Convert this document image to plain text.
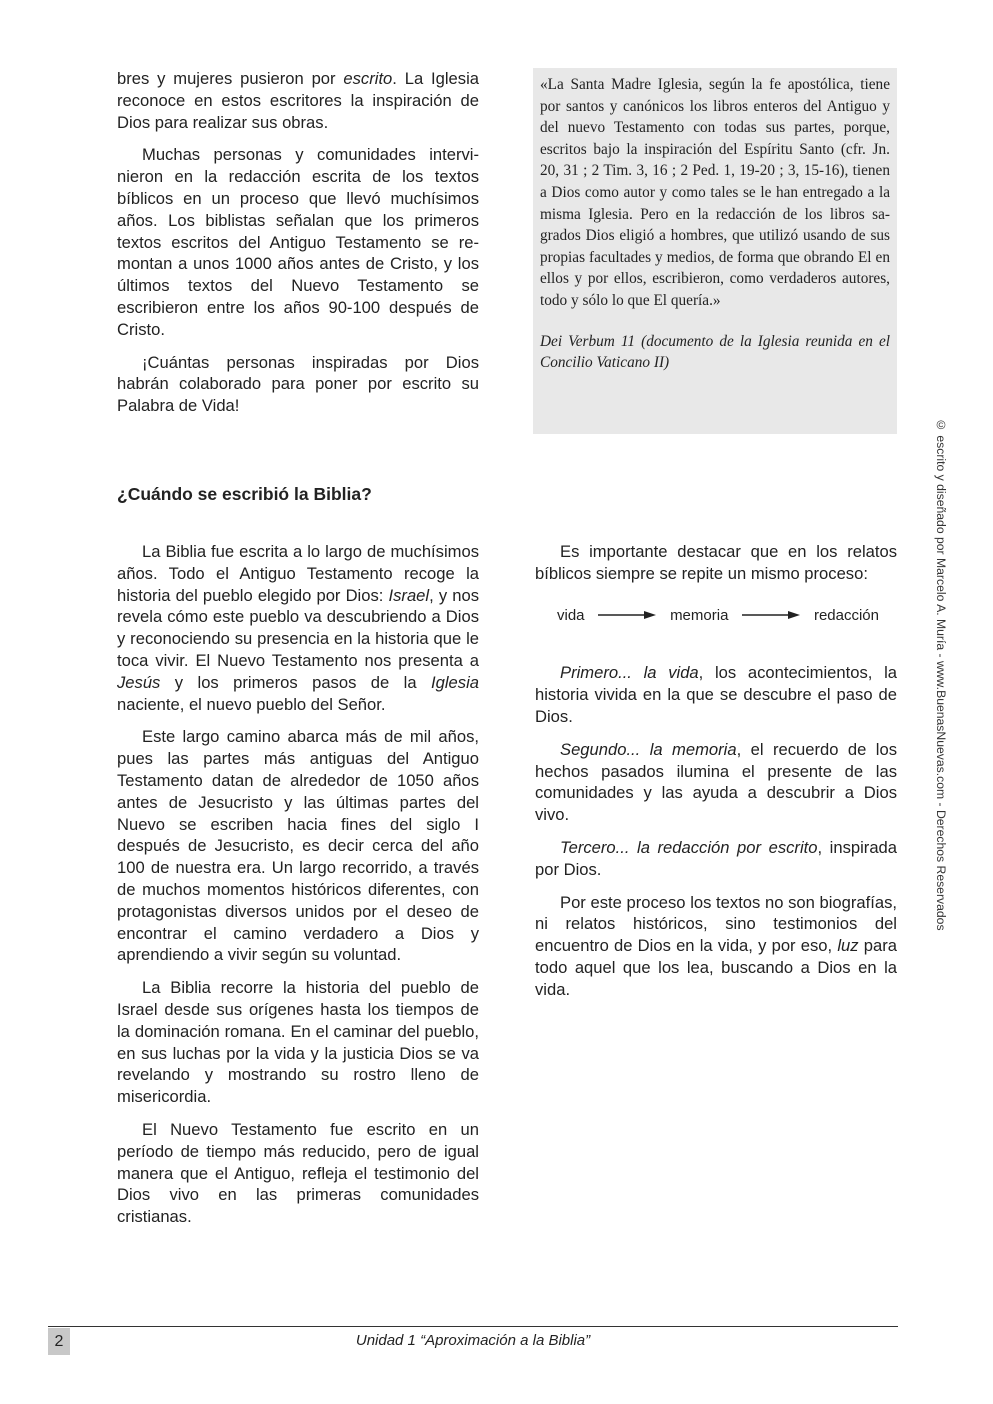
bres y mujeres pusieron por escrito. La Iglesia reconoce en estos escritores la inspiración de Dios para realizar sus obras.

Muchas personas y comunidades intervinieron en la redacción escrita de los textos bíblicos en un proceso que llevó muchísimos años. Los biblistas señalan que los primeros textos escritos del Antiguo Testamento se remontan a unos 1000 años antes de Cristo, y los últimos textos del Nuevo Testamento se escribieron entre los años 90-100 después de Cristo.

¡Cuántas personas inspiradas por Dios habrán colaborado para poner por escrito su Palabra de Vida!

«La Santa Madre Iglesia, según la fe apostólica, tiene por santos y canónicos los libros enteros del Antiguo y del nuevo Testamento con todas sus partes, porque, escritos bajo la inspiración del Espíritu Santo (cfr. Jn. 20, 31 ; 2 Tim. 3, 16 ; 2 Ped. 1, 19-20 ; 3, 15-16), tienen a Dios como autor y como tales se le han entregado a la misma Iglesia. Pero en la redacción de los libros sagrados Dios eligió a hombres, que utilizó usando de sus propias facultades y medios, de forma que obrando El en ellos y por ellos, escribieron, como verdaderos autores, todo y sólo lo que El quería.»

Dei Verbum 11 (documento de la Iglesia reunida en el Concilio Vaticano II)

¿Cuándo se escribió la Biblia?

La Biblia fue escrita a lo largo de muchísimos años. Todo el Antiguo Testamento recoge la historia del pueblo elegido por Dios: Israel, y nos revela cómo este pueblo va descubriendo a Dios y reconociendo su presencia en la historia que le toca vivir. El Nuevo Testamento nos presenta a Jesús y los primeros pasos de la Iglesia naciente, el nuevo pueblo del Señor.

Este largo camino abarca más de mil años, pues las partes más antiguas del Antiguo Testamento datan de alrededor de 1050 años antes de Jesucristo y las últimas partes del Nuevo se escriben hacia fines del siglo I después de Jesucristo, es decir cerca del año 100 de nuestra era. Un largo recorrido, a través de muchos momentos históricos diferentes, con protagonistas diversos unidos por el deseo de encontrar el camino verdadero a Dios y aprendiendo a vivir según su voluntad.

La Biblia recorre la historia del pueblo de Israel desde sus orígenes hasta los tiempos de la dominación romana. En el caminar del pueblo, en sus luchas por la vida y la justicia Dios se va revelando y mostrando su rostro lleno de misericordia.

El Nuevo Testamento fue escrito en un período de tiempo más reducido, pero de igual manera que el Antiguo, refleja el testimonio del Dios vivo en las primeras comunidades cristianas.

Es importante destacar que en los relatos bíblicos siempre se repite un mismo proceso:

vida	memoria	redacción

Primero... la vida, los acontecimientos, la historia vivida en la que se descubre el paso de Dios.

Segundo... la memoria, el recuerdo de los hechos pasados ilumina el presente de las comunidades y las ayuda a descubrir a Dios vivo.

Tercero... la redacción por escrito, inspirada por Dios.

Por este proceso los textos no son biografías, ni relatos históricos, sino testimonios del encuentro de Dios en la vida, y por eso, luz para todo aquel que los lea, buscando a Dios en la vida.

© escrito y diseñado por Marcelo A. Muría - www.BuenasNuevas.com - Derechos Reservados
2	Unidad 1 “Aproximación a la Biblia”
